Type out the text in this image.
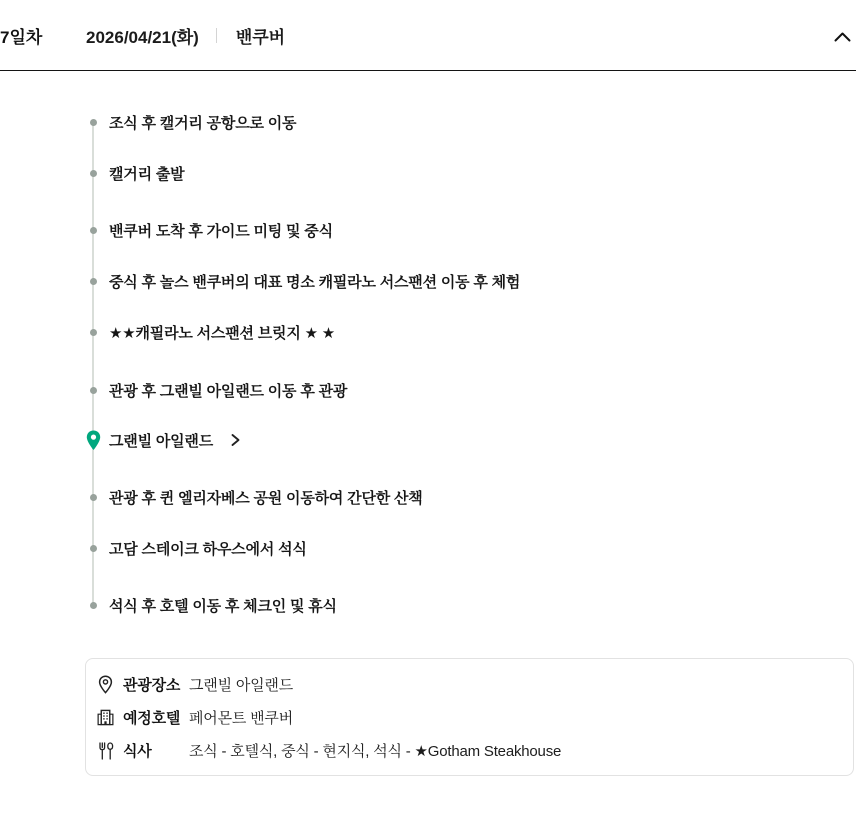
7일차	2026/04/21(화) 밴쿠버
조식 후 캘거리 공항으로 이동
캘거리 출발
밴쿠버 도착 후 가이드 미팅 및 중식
중식 후 놀스 밴쿠버의 대표 명소 캐필라노 서스팬션 이동 후 체험
★★캐필라노 서스팬션 브릿지 ★ ★
관광 후 그랜빌 아일랜드 이동 후 관광
그랜빌 아일랜드
관광 후 퀸 엘리자베스 공원 이동하여 간단한 산책
고담 스테이크 하우스에서 석식
석식 후 호텔 이동 후 체크인 및 휴식
관광장소 그랜빌 아일랜드
예정호텔 페어몬트 밴쿠버
식사	조식 - 호텔식, 중식 - 현지식, 석식 - ★Gotham Steakhouse
